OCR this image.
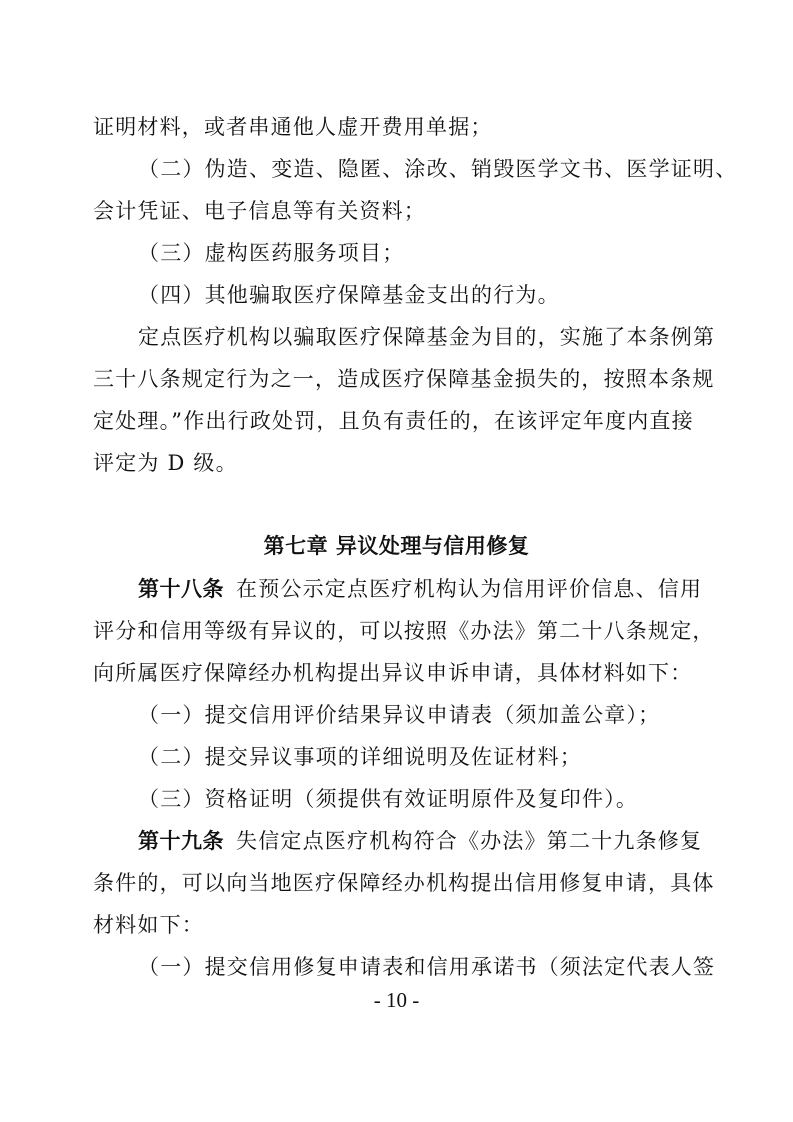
证明材料，或者串通他人虚开费用单据；
（二）伪造、变造、隐匿、涂改、销毁医学文书、医学证明、
会计凭证、电子信息等有关资料；
（三）虚构医药服务项目；
（四）其他骗取医疗保障基金支出的行为。
定点医疗机构以骗取医疗保障基金为目的，实施了本条例第
三十八条规定行为之一，造成医疗保障基金损失的，按照本条规
定处理。”作出行政处罚，且负有责任的，在该评定年度内直接
评定为 D 级。
第七章 异议处理与信用修复
第十八条 在预公示定点医疗机构认为信用评价信息、信用
评分和信用等级有异议的，可以按照《办法》第二十八条规定，
向所属医疗保障经办机构提出异议申诉申请，具体材料如下：
（一）提交信用评价结果异议申请表（须加盖公章）；
（二）提交异议事项的详细说明及佐证材料；
（三）资格证明（须提供有效证明原件及复印件）。
第十九条 失信定点医疗机构符合《办法》第二十九条修复
条件的，可以向当地医疗保障经办机构提出信用修复申请，具体
材料如下：
（一）提交信用修复申请表和信用承诺书（须法定代表人签
- 10 -
